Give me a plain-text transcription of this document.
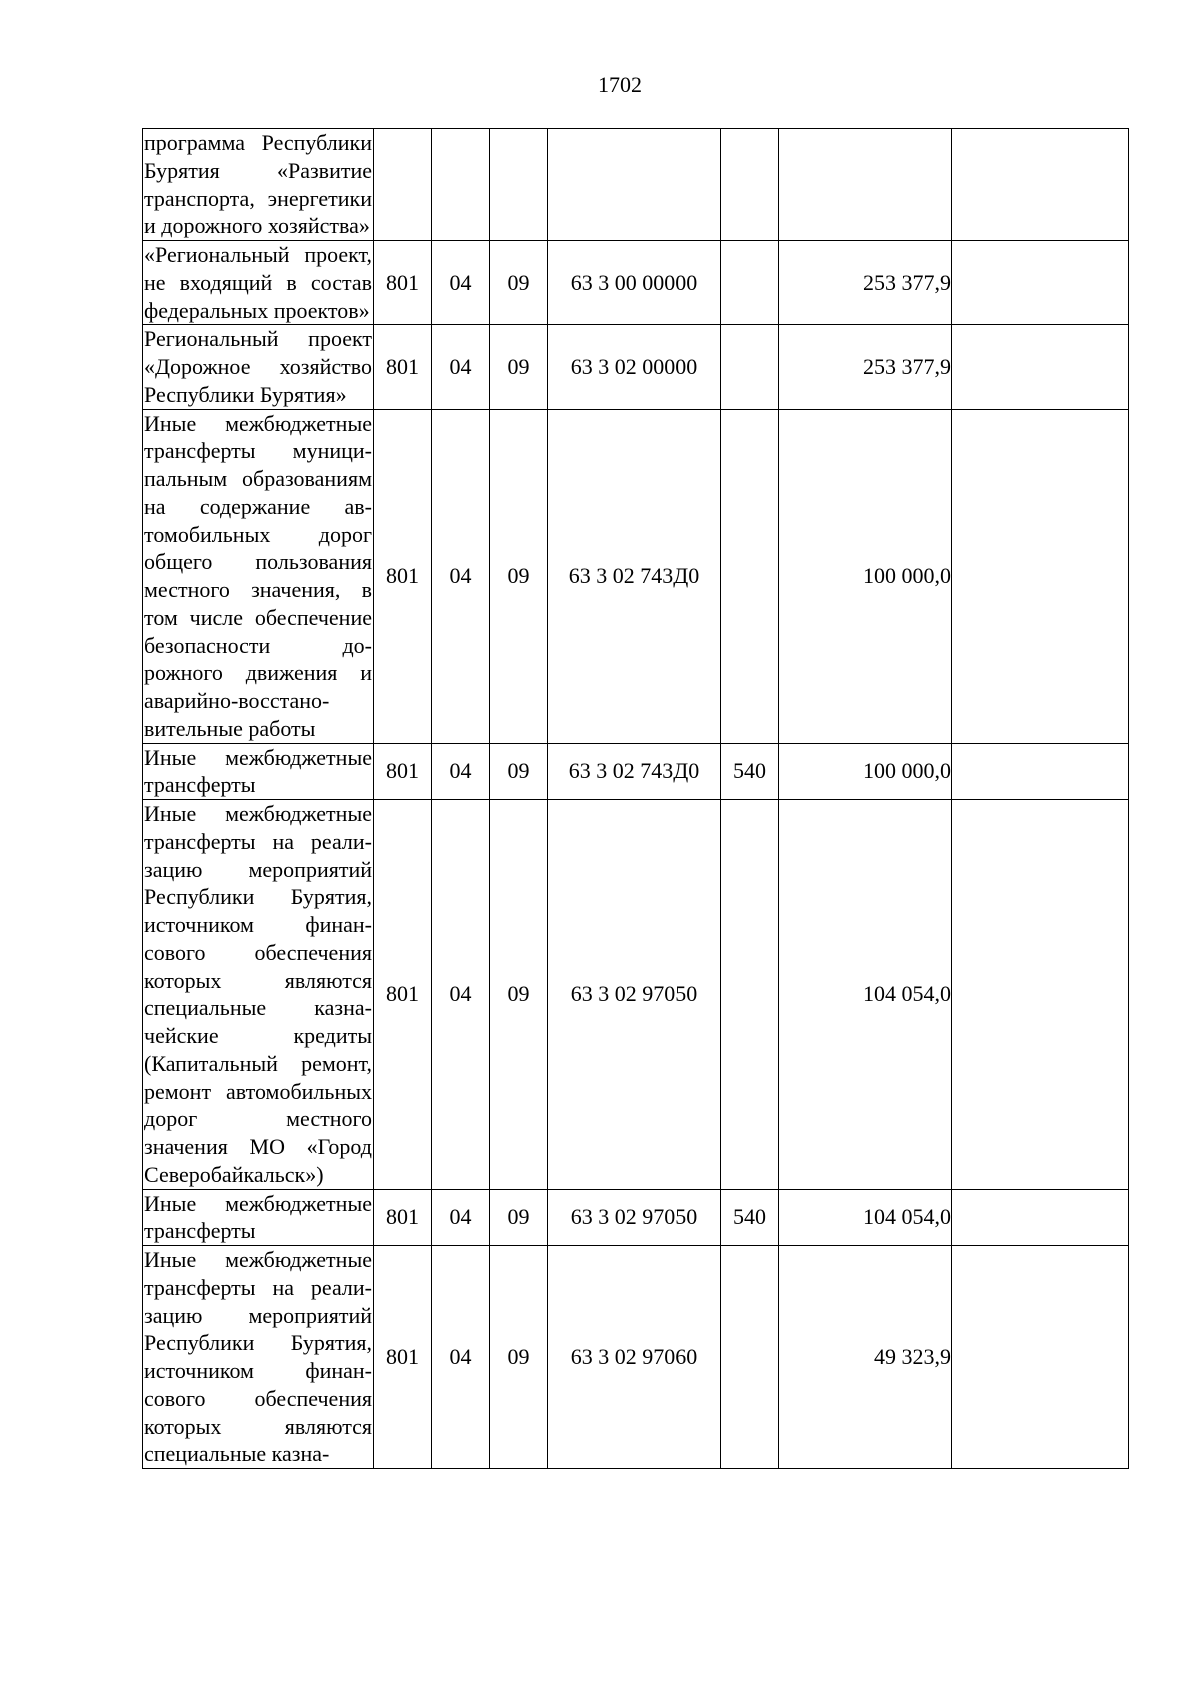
1702
программа Республики Бурятия «Развитие транспорта, энергетики и дорожного хозяйства»							
«Региональный проект, не входящий в состав федеральных проектов»	801	04	09	63 3 00 00000		253 377,9	
Региональный проект «Дорожное хозяйство Республики Бурятия»	801	04	09	63 3 02 00000		253 377,9	
Иные межбюджетные трансферты муниципальным образованиям на содержание автомобильных дорог общего пользования местного значения, в том числе обеспечение безопасности дорожного движения и аварийно-восстановительные работы	801	04	09	63 3 02 743Д0		100 000,0	
Иные межбюджетные трансферты	801	04	09	63 3 02 743Д0	540	100 000,0	
Иные межбюджетные трансферты на реализацию мероприятий Республики Бурятия, источником финансового обеспечения которых являются специальные казначейские кредиты (Капитальный ремонт, ремонт автомобильных дорог местного значения МО «Город Северобайкальск»)	801	04	09	63 3 02 97050		104 054,0	
Иные межбюджетные трансферты	801	04	09	63 3 02 97050	540	104 054,0	
Иные межбюджетные трансферты на реализацию мероприятий Республики Бурятия, источником финансового обеспечения которых являются специальные казна-	801	04	09	63 3 02 97060		49 323,9	
